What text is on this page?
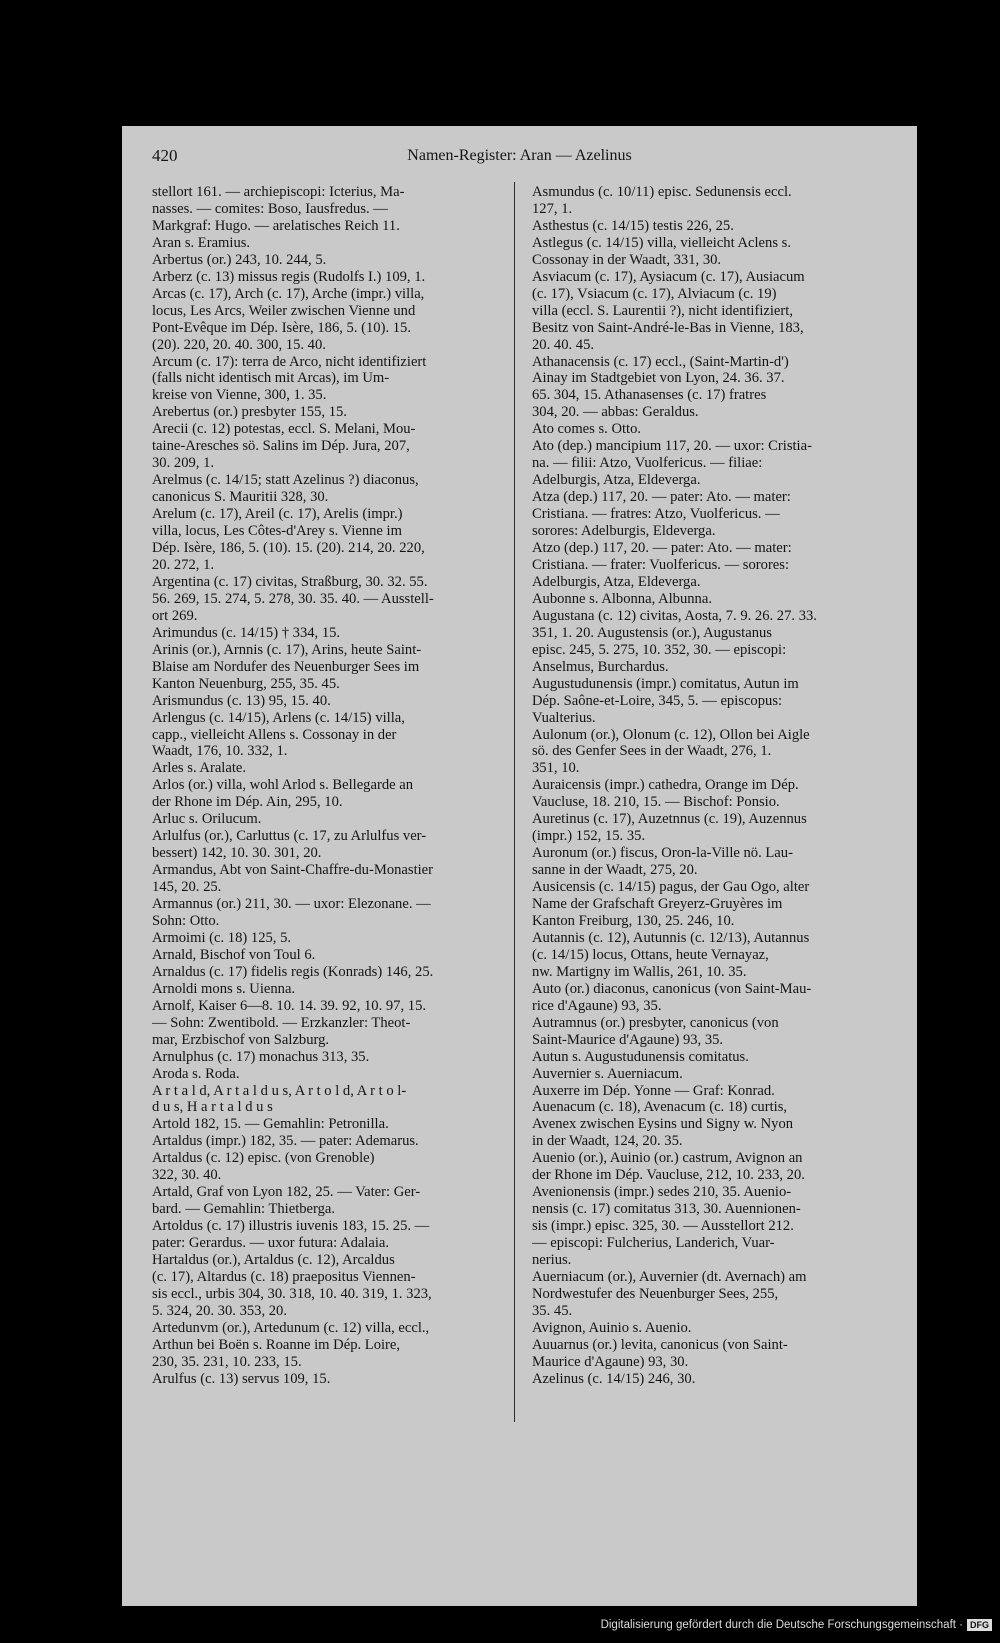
420	Namen-Register: Aran — Azelinus

stellort 161. — archiepiscopi: Icterius, Ma-

nasses. — comites: Boso, Iausfredus. —

Markgraf: Hugo. — arelatisches Reich 11.

Aran s. Eramius.

Arbertus (or.) 243, 10. 244, 5.

Arberz (c. 13) missus regis (Rudolfs I.) 109, 1.

Arcas (c. 17), Arch (c. 17), Arche (impr.) villa,

locus, Les Arcs, Weiler zwischen Vienne und

Pont-Evêque im Dép. Isère, 186, 5. (10). 15.

(20). 220, 20. 40. 300, 15. 40.

Arcum (c. 17): terra de Arco, nicht identifiziert

(falls nicht identisch mit Arcas), im Um-

kreise von Vienne, 300, 1. 35.

Arebertus (or.) presbyter 155, 15.

Arecii (c. 12) potestas, eccl. S. Melani, Mou-

taine-Aresches sö. Salins im Dép. Jura, 207,

30. 209, 1.

Arelmus (c. 14/15; statt Azelinus ?) diaconus,

canonicus S. Mauritii 328, 30.

Arelum (c. 17), Areil (c. 17), Arelis (impr.)

villa, locus, Les Côtes-d'Arey s. Vienne im

Dép. Isère, 186, 5. (10). 15. (20). 214, 20. 220,

20. 272, 1.

Argentina (c. 17) civitas, Straßburg, 30. 32. 55.

56. 269, 15. 274, 5. 278, 30. 35. 40. — Ausstell-

ort 269.

Arimundus (c. 14/15) † 334, 15.

Arinis (or.), Arnnis (c. 17), Arins, heute Saint-

Blaise am Nordufer des Neuenburger Sees im

Kanton Neuenburg, 255, 35. 45.

Arismundus (c. 13) 95, 15. 40.

Arlengus (c. 14/15), Arlens (c. 14/15) villa,

capp., vielleicht Allens s. Cossonay in der

Waadt, 176, 10. 332, 1.

Arles s. Aralate.

Arlos (or.) villa, wohl Arlod s. Bellegarde an

der Rhone im Dép. Ain, 295, 10.

Arluc s. Orilucum.

Arlulfus (or.), Carluttus (c. 17, zu Arlulfus ver-

bessert) 142, 10. 30. 301, 20.

Armandus, Abt von Saint-Chaffre-du-Monastier

145, 20. 25.

Armannus (or.) 211, 30. — uxor: Elezonane. —

Sohn: Otto.

Armoimi (c. 18) 125, 5.

Arnald, Bischof von Toul 6.

Arnaldus (c. 17) fidelis regis (Konrads) 146, 25.

Arnoldi mons s. Uienna.

Arnolf, Kaiser 6—8. 10. 14. 39. 92, 10. 97, 15.

— Sohn: Zwentibold. — Erzkanzler: Theot-

mar, Erzbischof von Salzburg.

Arnulphus (c. 17) monachus 313, 35.

Aroda s. Roda.

A r t a l d, A r t a l d u s, A r t o l d, A r t o l-

d u s, H a r t a l d u s

Artold 182, 15. — Gemahlin: Petronilla.

Artaldus (impr.) 182, 35. — pater: Ademarus.

Artaldus (c. 12) episc. (von Grenoble)

322, 30. 40.

Artald, Graf von Lyon 182, 25. — Vater: Ger-

bard. — Gemahlin: Thietberga.

Artoldus (c. 17) illustris iuvenis 183, 15. 25. —

pater: Gerardus. — uxor futura: Adalaia.

Hartaldus (or.), Artaldus (c. 12), Arcaldus

(c. 17), Altardus (c. 18) praepositus Viennen-

sis eccl., urbis 304, 30. 318, 10. 40. 319, 1. 323,

5. 324, 20. 30. 353, 20.

Artedunvm (or.), Artedunum (c. 12) villa, eccl.,

Arthun bei Boën s. Roanne im Dép. Loire,

230, 35. 231, 10. 233, 15.

Arulfus (c. 13) servus 109, 15.

Asmundus (c. 10/11) episc. Sedunensis eccl.

127, 1.

Asthestus (c. 14/15) testis 226, 25.

Astlegus (c. 14/15) villa, vielleicht Aclens s.

Cossonay in der Waadt, 331, 30.

Asviacum (c. 17), Aysiacum (c. 17), Ausiacum

(c. 17), Vsiacum (c. 17), Alviacum (c. 19)

villa (eccl. S. Laurentii ?), nicht identifiziert,

Besitz von Saint-André-le-Bas in Vienne, 183,

20. 40. 45.

Athanacensis (c. 17) eccl., (Saint-Martin-d')

Ainay im Stadtgebiet von Lyon, 24. 36. 37.

65. 304, 15. Athanasenses (c. 17) fratres

304, 20. — abbas: Geraldus.

Ato comes s. Otto.

Ato (dep.) mancipium 117, 20. — uxor: Cristia-

na. — filii: Atzo, Vuolfericus. — filiae:

Adelburgis, Atza, Eldeverga.

Atza (dep.) 117, 20. — pater: Ato. — mater:

Cristiana. — fratres: Atzo, Vuolfericus. —

sorores: Adelburgis, Eldeverga.

Atzo (dep.) 117, 20. — pater: Ato. — mater:

Cristiana. — frater: Vuolfericus. — sorores:

Adelburgis, Atza, Eldeverga.

Aubonne s. Albonna, Albunna.

Augustana (c. 12) civitas, Aosta, 7. 9. 26. 27. 33.

351, 1. 20. Augustensis (or.), Augustanus

episc. 245, 5. 275, 10. 352, 30. — episcopi:

Anselmus, Burchardus.

Augustudunensis (impr.) comitatus, Autun im

Dép. Saône-et-Loire, 345, 5. — episcopus:

Vualterius.

Aulonum (or.), Olonum (c. 12), Ollon bei Aigle

sö. des Genfer Sees in der Waadt, 276, 1.

351, 10.

Auraicensis (impr.) cathedra, Orange im Dép.

Vaucluse, 18. 210, 15. — Bischof: Ponsio.

Auretinus (c. 17), Auzetnnus (c. 19), Auzennus

(impr.) 152, 15. 35.

Auronum (or.) fiscus, Oron-la-Ville nö. Lau-

sanne in der Waadt, 275, 20.

Ausicensis (c. 14/15) pagus, der Gau Ogo, alter

Name der Grafschaft Greyerz-Gruyères im

Kanton Freiburg, 130, 25. 246, 10.

Autannis (c. 12), Autunnis (c. 12/13), Autannus

(c. 14/15) locus, Ottans, heute Vernayaz,

nw. Martigny im Wallis, 261, 10. 35.

Auto (or.) diaconus, canonicus (von Saint-Mau-

rice d'Agaune) 93, 35.

Autramnus (or.) presbyter, canonicus (von

Saint-Maurice d'Agaune) 93, 35.

Autun s. Augustudunensis comitatus.

Auvernier s. Auerniacum.

Auxerre im Dép. Yonne — Graf: Konrad.

Auenacum (c. 18), Avenacum (c. 18) curtis,

Avenex zwischen Eysins und Signy w. Nyon

in der Waadt, 124, 20. 35.

Auenio (or.), Auinio (or.) castrum, Avignon an

der Rhone im Dép. Vaucluse, 212, 10. 233, 20.

Avenionensis (impr.) sedes 210, 35. Auenio-

nensis (c. 17) comitatus 313, 30. Auennionen-

sis (impr.) episc. 325, 30. — Ausstellort 212.

— episcopi: Fulcherius, Landerich, Vuar-

nerius.

Auerniacum (or.), Auvernier (dt. Avernach) am

Nordwestufer des Neuenburger Sees, 255,

35. 45.

Avignon, Auinio s. Auenio.

Auuarnus (or.) levita, canonicus (von Saint-

Maurice d'Agaune) 93, 30.

Azelinus (c. 14/15) 246, 30.

Digitalisierung gefördert durch die Deutsche Forschungsgemeinschaft · DFG
